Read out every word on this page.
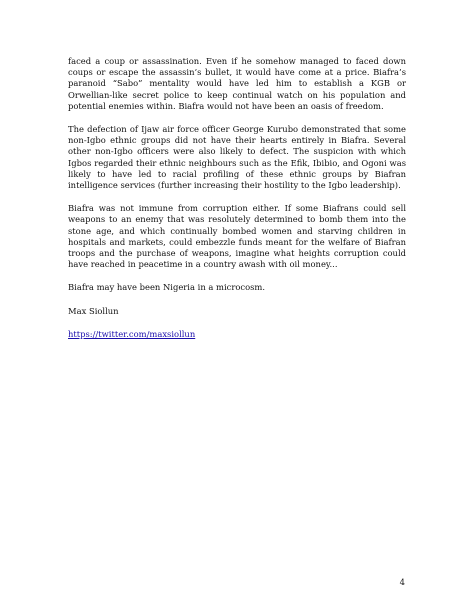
faced a coup or assassination. Even if he somehow managed to faced down coups or escape the assassin’s bullet, it would have come at a price. Biafra’s paranoid “Sabo” mentality would have led him to establish a KGB or Orwellian-like secret police to keep continual watch on his population and potential enemies within. Biafra would not have been an oasis of freedom.

The defection of Ijaw air force officer George Kurubo demonstrated that some non-Igbo ethnic groups did not have their hearts entirely in Biafra. Several other non-Igbo officers were also likely to defect. The suspicion with which Igbos regarded their ethnic neighbours such as the Efik, Ibibio, and Ogoni was likely to have led to racial profiling of these ethnic groups by Biafran intelligence services (further increasing their hostility to the Igbo leadership).

Biafra was not immune from corruption either. If some Biafrans could sell weapons to an enemy that was resolutely determined to bomb them into the stone age, and which continually bombed women and starving children in hospitals and markets, could embezzle funds meant for the welfare of Biafran troops and the purchase of weapons, imagine what heights corruption could have reached in peacetime in a country awash with oil money...

Biafra may have been Nigeria in a microcosm.

Max Siollun

https://twitter.com/maxsiollun

4
